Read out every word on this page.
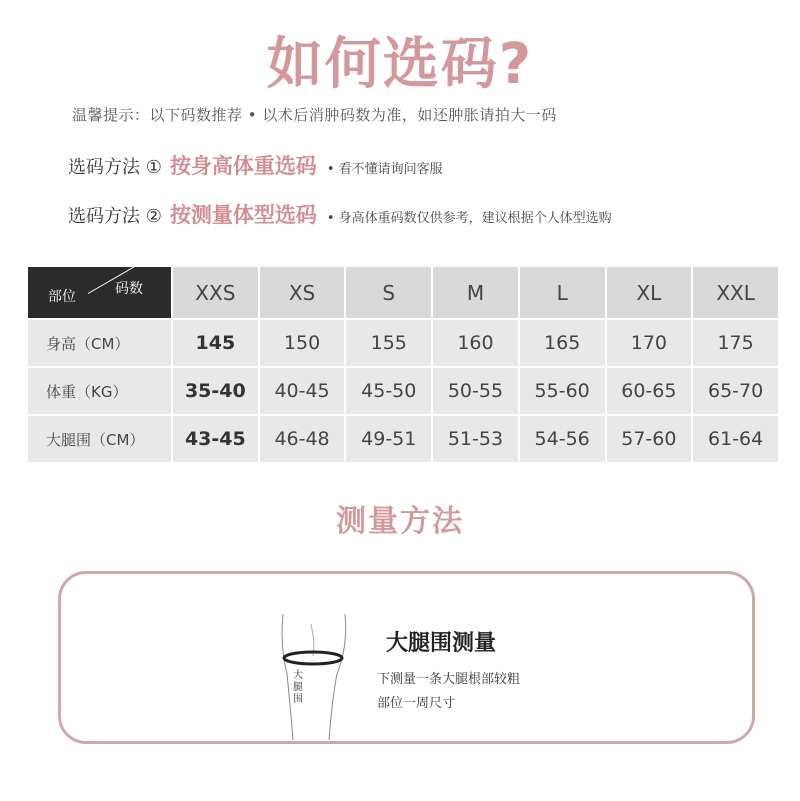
如何选码?
温馨提示：以下码数推荐 • 以术后消肿码数为准，如还肿胀请拍大一码
选码方法 ① 按身高体重选码 • 看不懂请询问客服
选码方法 ② 按测量体型选码 • 身高体重码数仅供参考，建议根据个人体型选购
码数
部位	XXS	XS	S	M	L	XL	XXL
身高（CM）	145	150	155	160	165	170	175
体重（KG）	35-40	40-45	45-50	50-55	55-60	60-65	65-70
大腿围（CM）	43-45	46-48	49-51	51-53	54-56	57-60	61-64
测量方法
大腿围
大腿围测量
下测量一条大腿根部较粗
部位一周尺寸
